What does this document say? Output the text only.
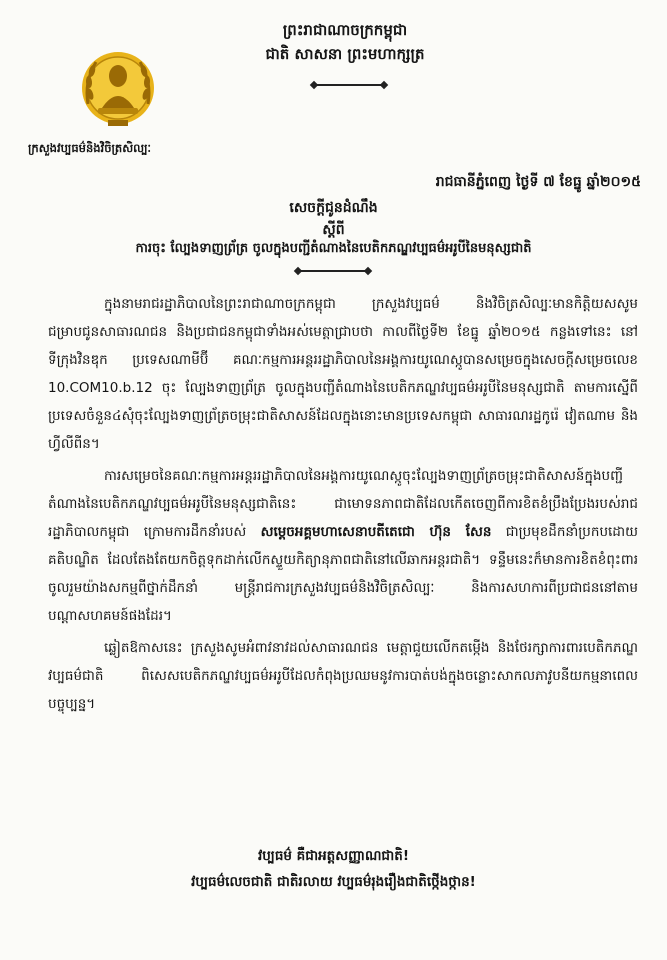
ព្រះរាជាណាចក្រកម្ពុជា
ជាតិ សាសនា ព្រះមហាក្សត្រ
ក្រសួងវប្បធម៌និងវិចិត្រសិល្បៈ
រាជធានីភ្នំពេញ ថ្ងៃទី ៧ ខែធ្នូ ឆ្នាំ២០១៥
សេចក្តីជូនដំណឹង
ស្តីពី
ការចុះ ល្បែងទាញព្រ័ត្រ ចូលក្នុងបញ្ជីតំណាងនៃបេតិកភណ្ឌវប្បធម៌អរូបីនៃមនុស្សជាតិ

ក្នុងនាមរាជរដ្ឋាភិបាលនៃព្រះរាជាណាចក្រកម្ពុជា ក្រសួងវប្បធម៌ និងវិចិត្រសិល្បៈមានកិត្តិយសសូមជម្រាបជូនសាធារណជន និងប្រជាជនកម្ពុជាទាំងអស់មេត្តាជ្រាបថា កាលពីថ្ងៃទី២ ខែធ្នូ ឆ្នាំ២០១៥ កន្លងទៅនេះ នៅទីក្រុងវិនឌុក ប្រទេសណាមីប៊ី គណៈកម្មការអន្តររដ្ឋាភិបាលនៃអង្គការយូណេស្កូបានសម្រេចក្នុងសេចក្តីសម្រេចលេខ 10.COM10.b.12 ចុះ ល្បែងទាញព្រ័ត្រ ចូលក្នុងបញ្ជីតំណាងនៃបេតិកភណ្ឌវប្បធម៌អរូបីនៃមនុស្សជាតិ តាមការស្នើពីប្រទេសចំនួន៤សុំចុះល្បែងទាញព្រ័ត្រចម្រុះជាតិសាសន៍ដែលក្នុងនោះមានប្រទេសកម្ពុជា សាធារណរដ្ឋកូរ៉េ វៀតណាម និងហ្វីលីពីន។

ការសម្រេចនៃគណៈកម្មការអន្តររដ្ឋាភិបាលនៃអង្គការយូណេស្កូចុះល្បែងទាញព្រ័ត្រចម្រុះជាតិសាសន៍ក្នុងបញ្ជីតំណាងនៃបេតិកភណ្ឌវប្បធម៌អរូបីនៃមនុស្សជាតិនេះ ជាមោទនភាពជាតិដែលកើតចេញពីការខិតខំប្រឹងប្រែងរបស់រាជរដ្ឋាភិបាលកម្ពុជា ក្រោមការដឹកនាំរបស់ សម្តេចអគ្គមហាសេនាបតីតេជោ ហ៊ុន សែន ជាប្រមុខដឹកនាំប្រកបដោយគតិបណ្ឌិត ដែលតែងតែយកចិត្តទុកដាក់លើកស្ទួយកិត្យានុភាពជាតិនៅលើឆាកអន្តរជាតិ។ ទន្ទឹមនេះក៏មានការខិតខំពុះពារចូលរួមយ៉ាងសកម្មពីថ្នាក់ដឹកនាំ មន្ត្រីរាជការក្រសួងវប្បធម៌និងវិចិត្រសិល្បៈ និងការសហការពីប្រជាជននៅតាមបណ្តាសហគមន៍ផងដែរ។

ឆ្លៀតឱកាសនេះ ក្រសួងសូមអំពាវនាវដល់សាធារណជន មេត្តាជួយលើកតម្កើង និងថែរក្សាការពារបេតិកភណ្ឌវប្បធម៌ជាតិ ពិសេសបេតិកភណ្ឌវប្បធម៌អរូបីដែលកំពុងប្រឈមនូវការបាត់បង់ក្នុងចន្លោះសាកលភាវូបនីយកម្មនាពេលបច្ចុប្បន្ន។

វប្បធម៌ គឺជាអត្តសញ្ញាណជាតិ!
វប្បធម៌លេចជាតិ ជាតិរលាយ វប្បធម៌រុងរឿងជាតិថ្កើងថ្កាន!
